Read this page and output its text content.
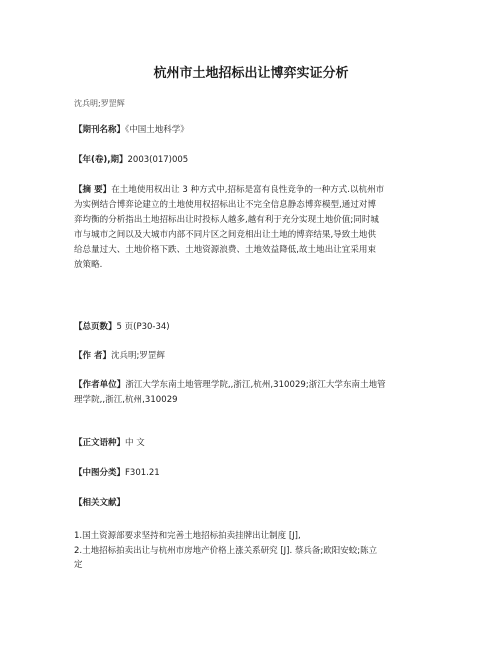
杭州市土地招标出让博弈实证分析
沈兵明;罗罡辉
【期刊名称】《中国土地科学》
【年(卷),期】2003(017)005
【摘 要】在土地使用权出让 3 种方式中,招标是富有良性竞争的一种方式.以杭州市
为实例结合博弈论建立的土地使用权招标出让不完全信息静态博弈模型,通过对博
弈均衡的分析指出土地招标出让时投标人越多,越有利于充分实现土地价值;同时城
市与城市之间以及大城市内部不同片区之间竞相出让土地的博弈结果,导致土地供
给总量过大、土地价格下跌、土地资源浪费、土地效益降低,故土地出让宜采用束
放策略.
【总页数】5 页(P30-34)
【作 者】沈兵明;罗罡辉
【作者单位】浙江大学东南土地管理学院,,浙江,杭州,310029;浙江大学东南土地管
理学院,,浙江,杭州,310029
【正文语种】中 文
【中图分类】F301.21
【相关文献】
1.国土资源部要求坚持和完善土地招标拍卖挂牌出让制度 [J],
2.土地招标拍卖出让与杭州市房地产价格上涨关系研究 [J]. 蔡兵备;欧阳安蛟;陈立
定
